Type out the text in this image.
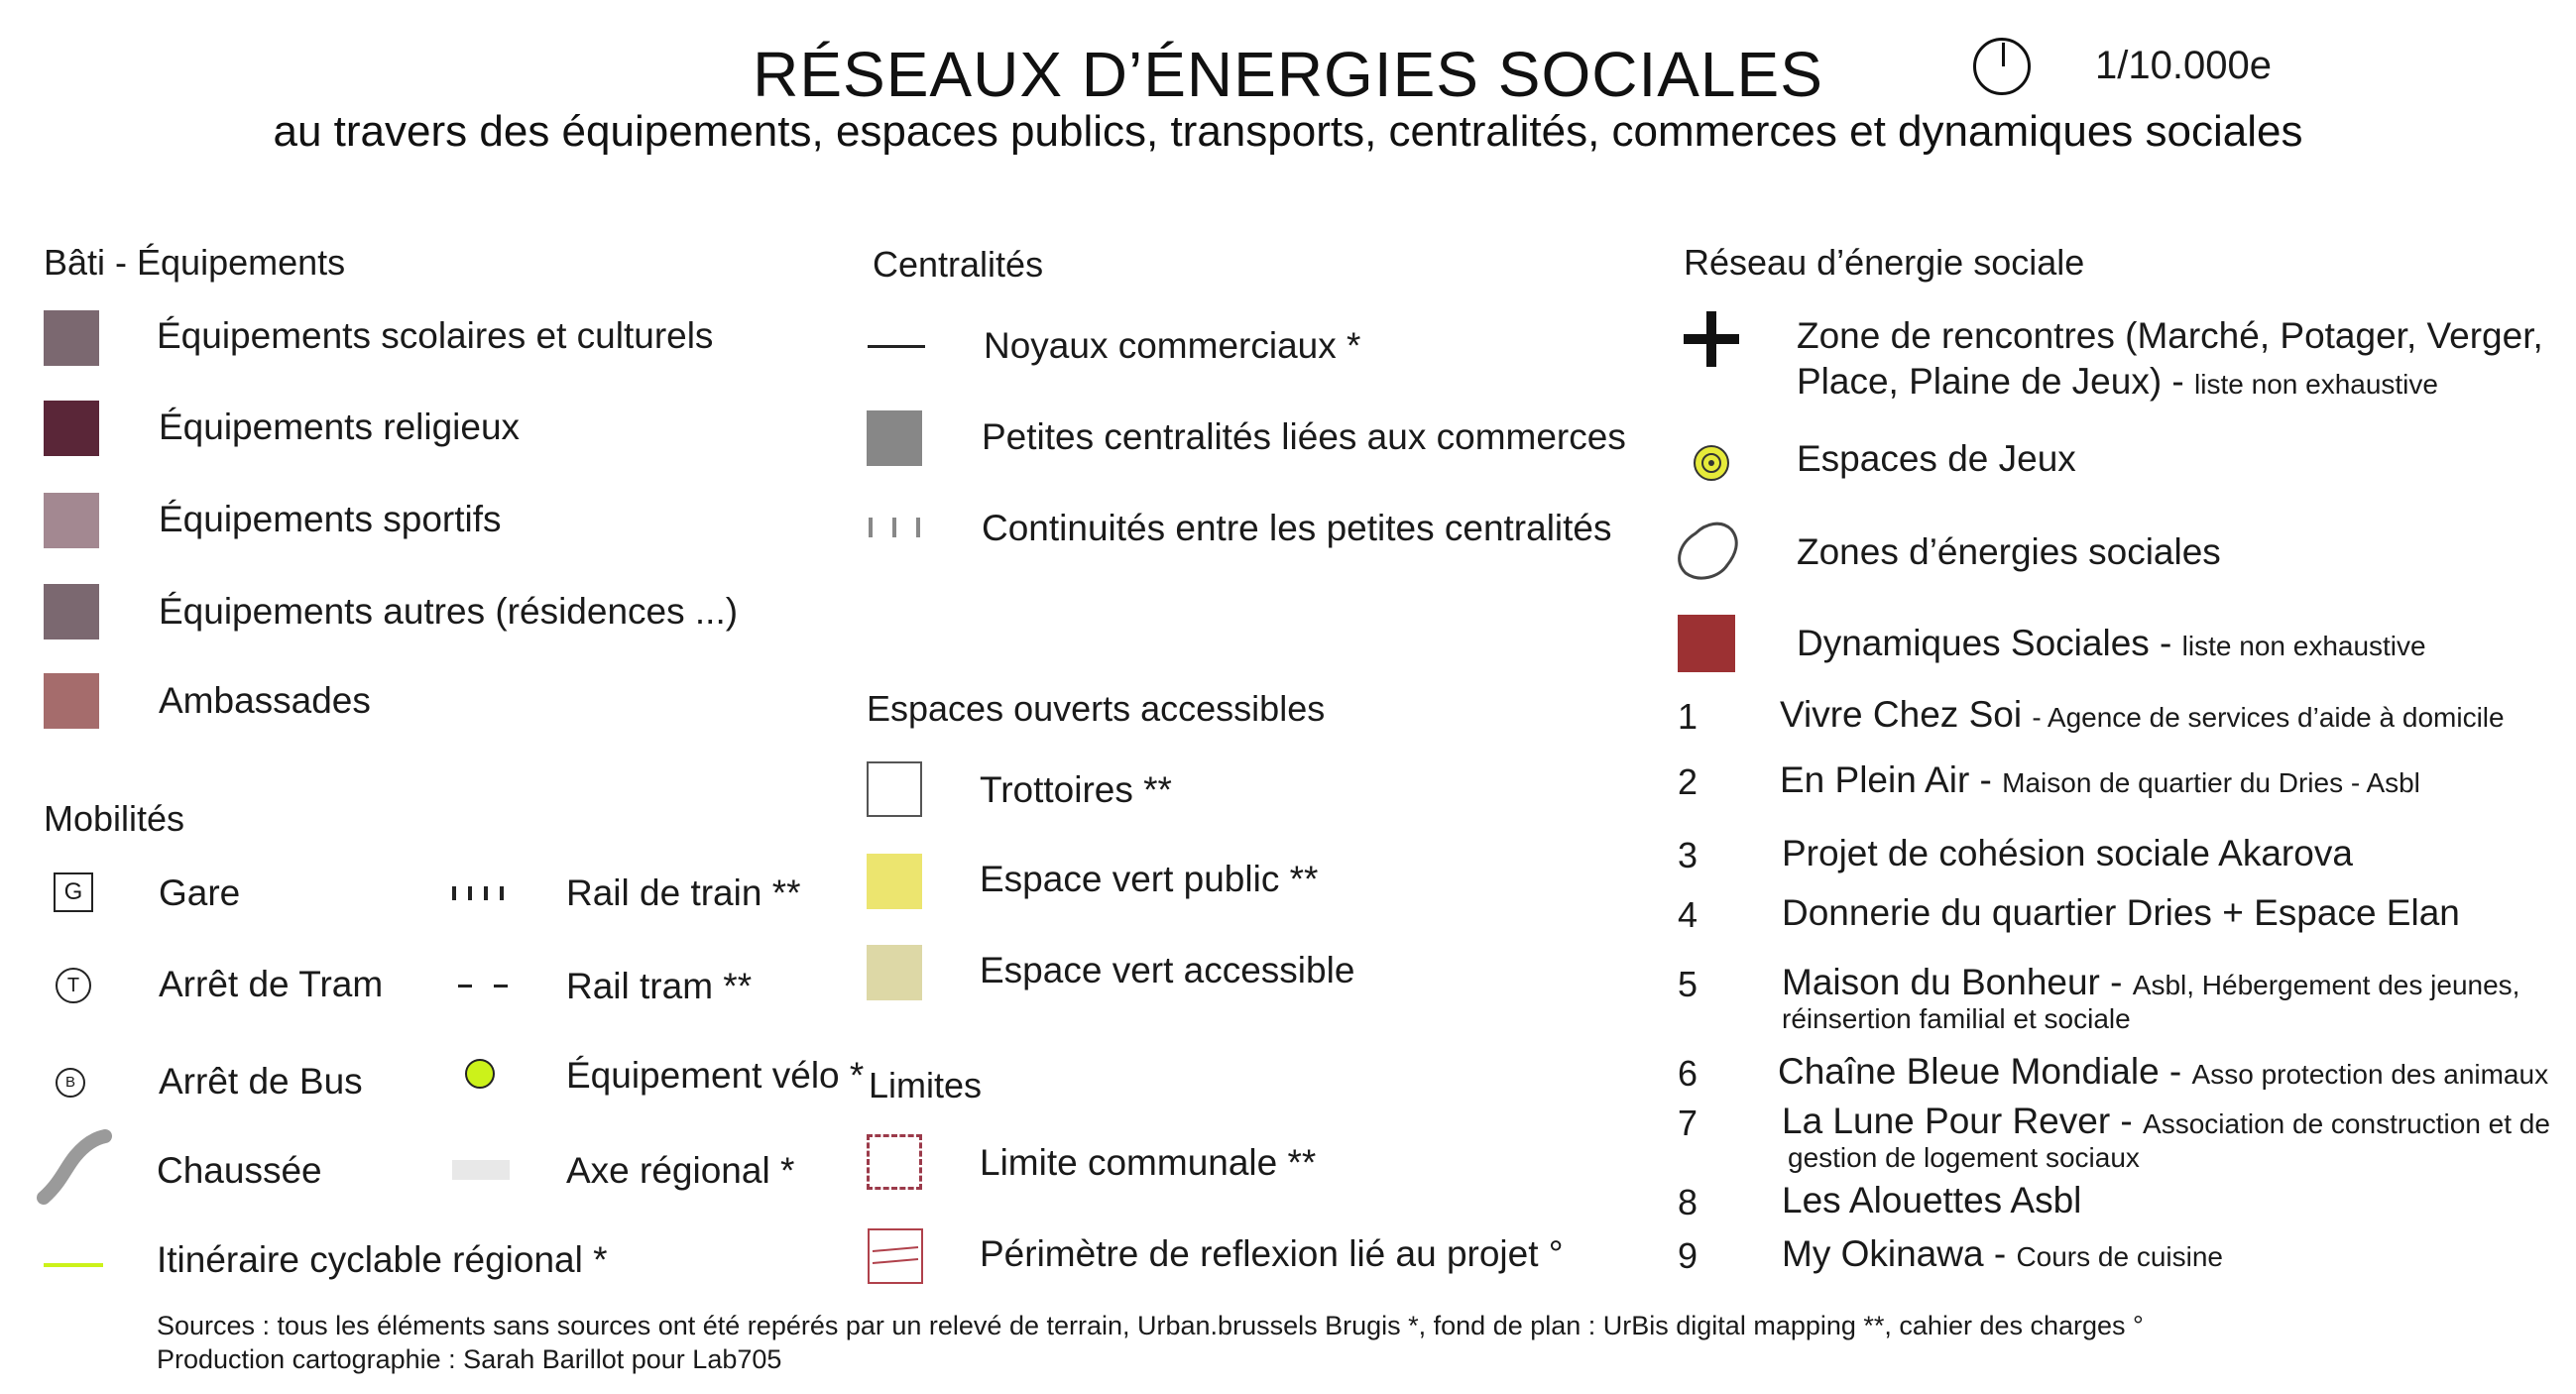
RÉSEAUX D’ÉNERGIES SOCIALES
au travers des équipements, espaces publics, transports, centralités, commerces et dynamiques sociales
1/10.000e
Bâti - Équipements
Équipements scolaires et culturels
Équipements religieux
Équipements sportifs
Équipements autres (résidences ...)
Ambassades
Mobilités
G Gare
T	Arrêt de Tram
B Arrêt de Bus
Chaussée
Itinéraire cyclable régional *
Rail de train **
Rail tram **
Équipement vélo *
Axe régional *
Centralités
Noyaux commerciaux *
Petites centralités liées aux commerces
Continuités entre les petites centralités
Espaces ouverts accessibles
Trottoires **
Espace vert public **
Espace vert accessible
Limites
Limite communale **
Périmètre de reflexion lié au projet °
Réseau d’énergie sociale
Zone de rencontres (Marché, Potager, Verger,
Place, Plaine de Jeux) - liste non exhaustive
Espaces de Jeux
Zones d’énergies sociales
Dynamiques Sociales - liste non exhaustive
1 Vivre Chez Soi - Agence de services d’aide à domicile
2 En Plein Air - Maison de quartier du Dries - Asbl
3 Projet de cohésion sociale Akarova
4 Donnerie du quartier Dries + Espace Elan
5 Maison du Bonheur - Asbl, Hébergement des jeunes,
réinsertion familial et sociale
6 Chaîne Bleue Mondiale - Asso protection des animaux
7 La Lune Pour Rever - Association de construction et de
gestion de logement sociaux
8 Les Alouettes Asbl
9 My Okinawa - Cours de cuisine
Sources : tous les éléments sans sources ont été repérés par un relevé de terrain, Urban.brussels Brugis *, fond de plan : UrBis digital mapping **, cahier des charges °
Production cartographie : Sarah Barillot pour Lab705
